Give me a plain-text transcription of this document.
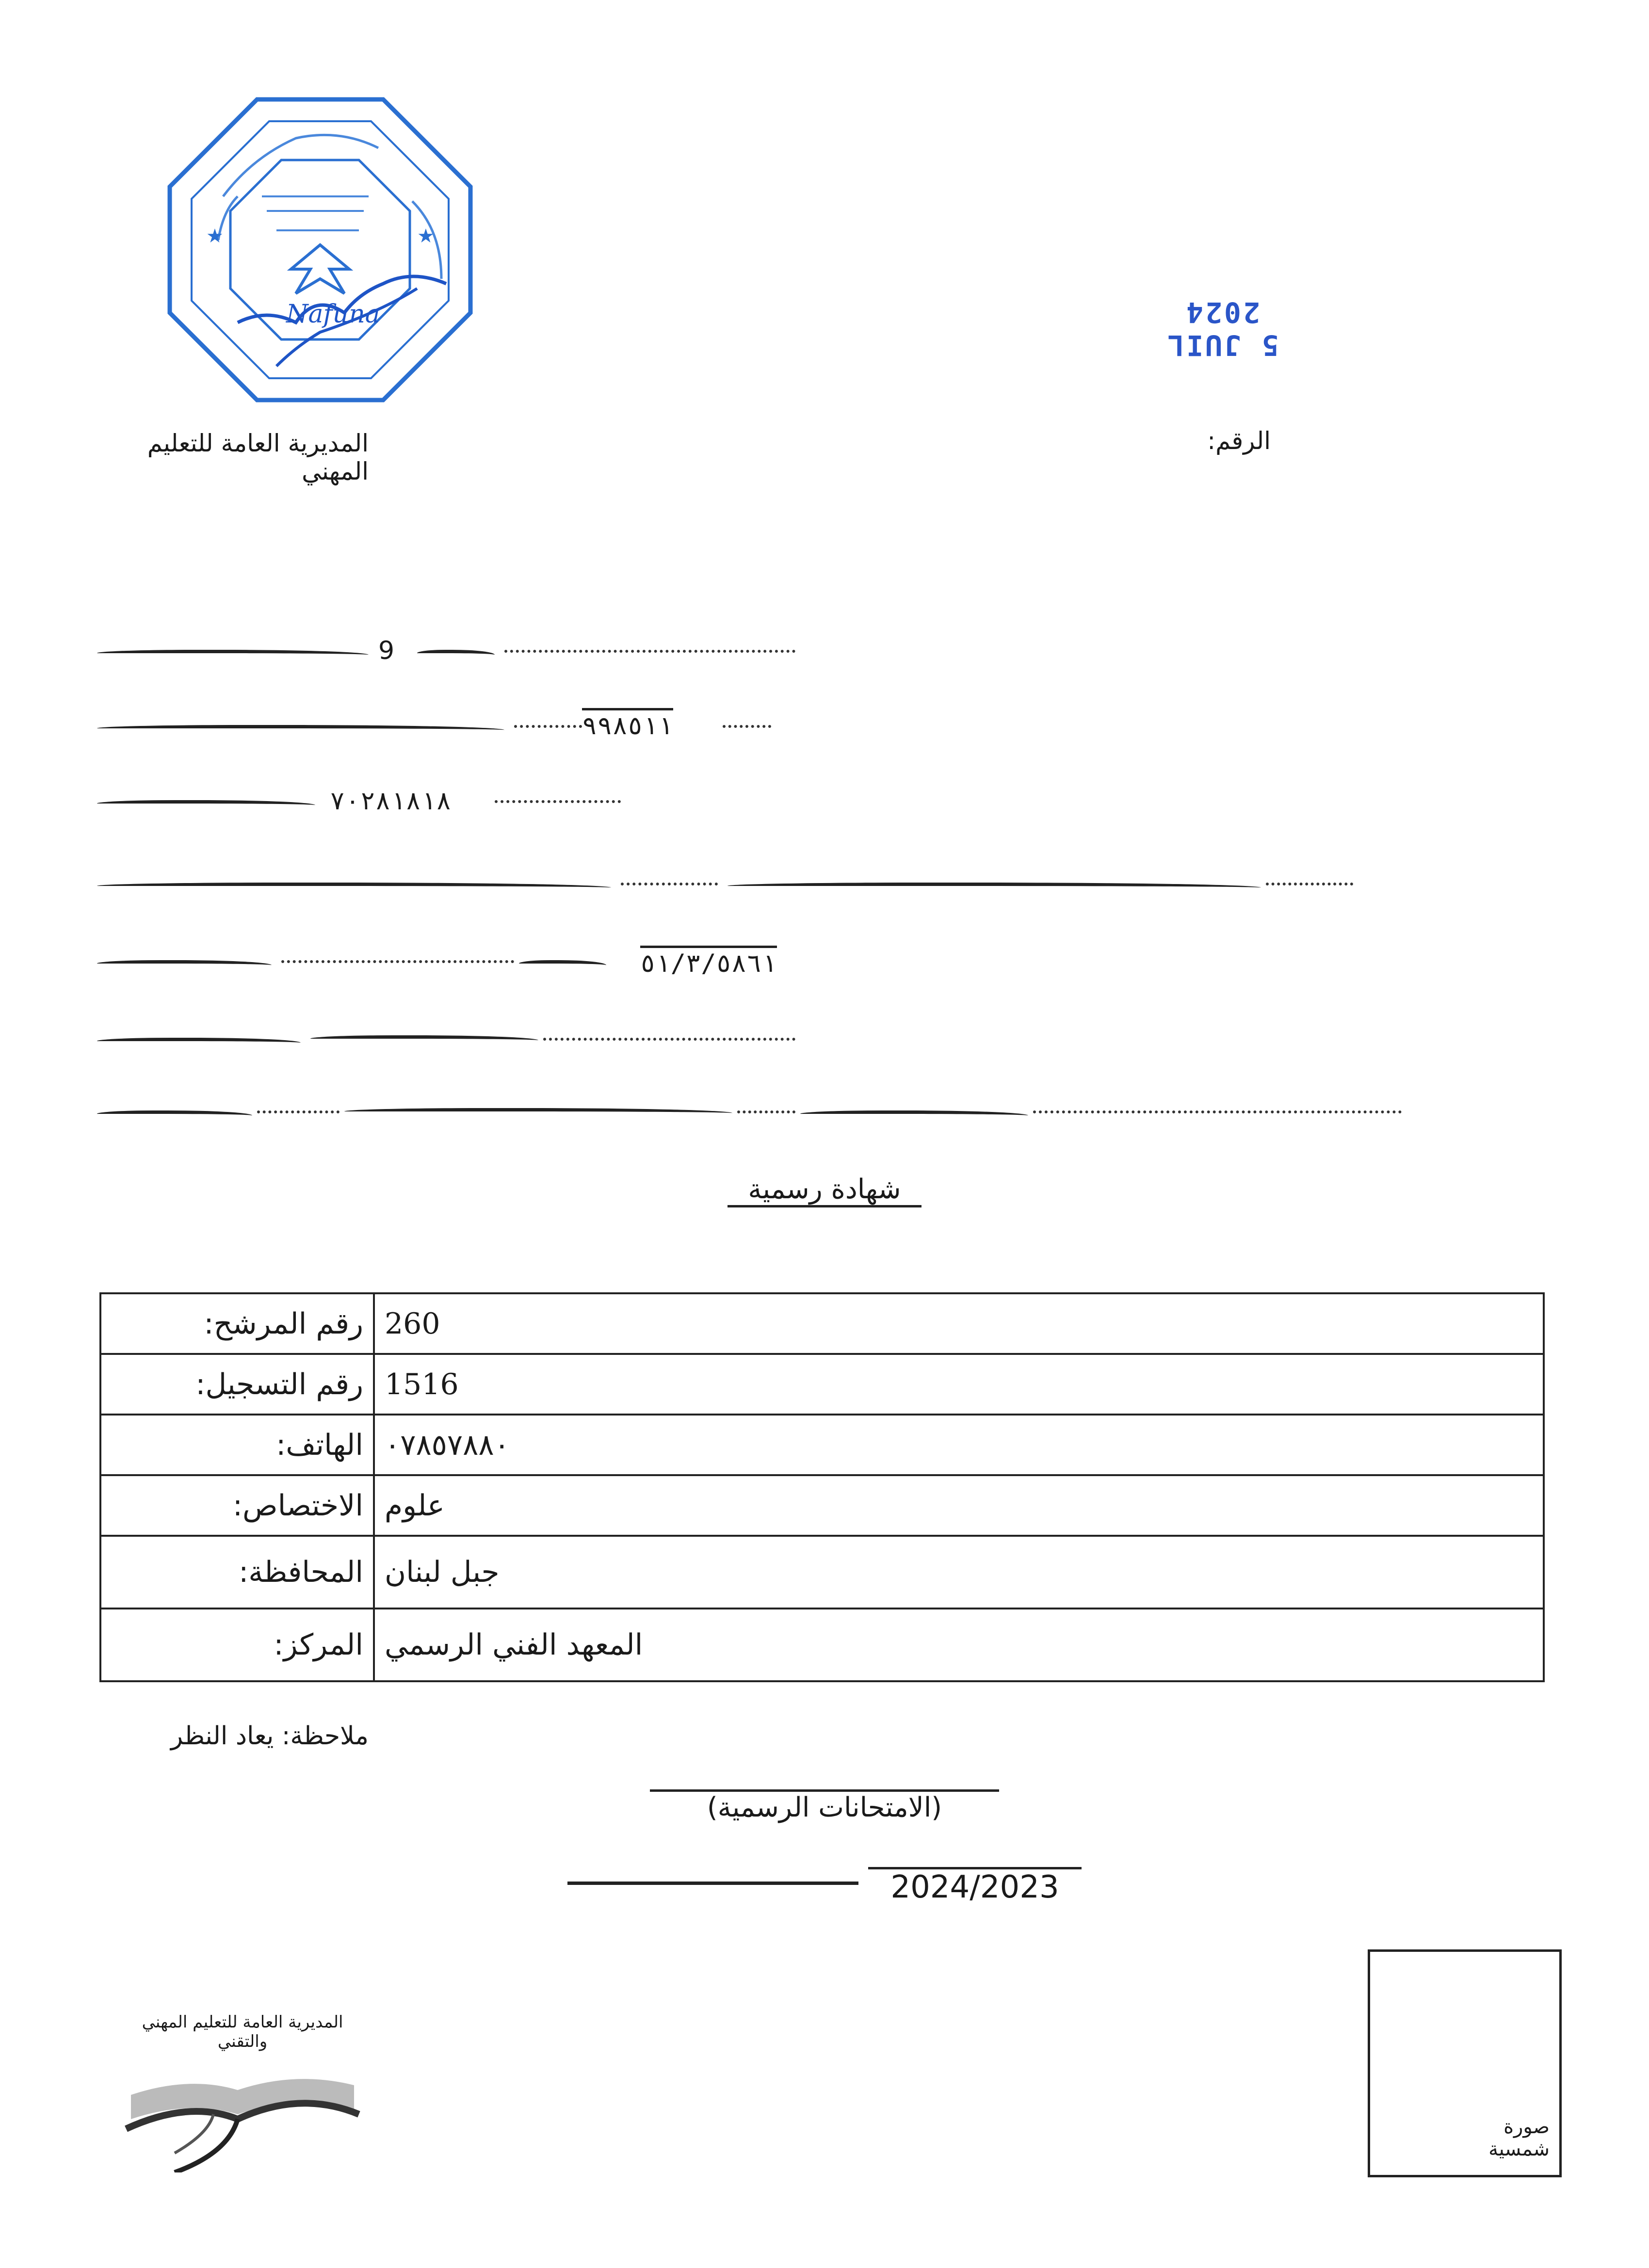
★	★
Nafuna
5 JUIL 2024
المديرية العامة للتعليم المهني
الرقم:
9
٩٩٨٥١١
٧٠٢٨١٨١٨
٥١/٣/٥٨٦١
شهادة رسمية
رقم المرشح:	260
رقم التسجيل:	1516
الهاتف:	٠٧٨٥٧٨٨٠
الاختصاص:	علوم
المحافظة:	جبل لبنان
المركز:	المعهد الفني الرسمي
ملاحظة: يعاد النظر
(الامتحانات الرسمية)
2024/2023
المديرية العامة للتعليم المهني والتقني
صورة شمسية
